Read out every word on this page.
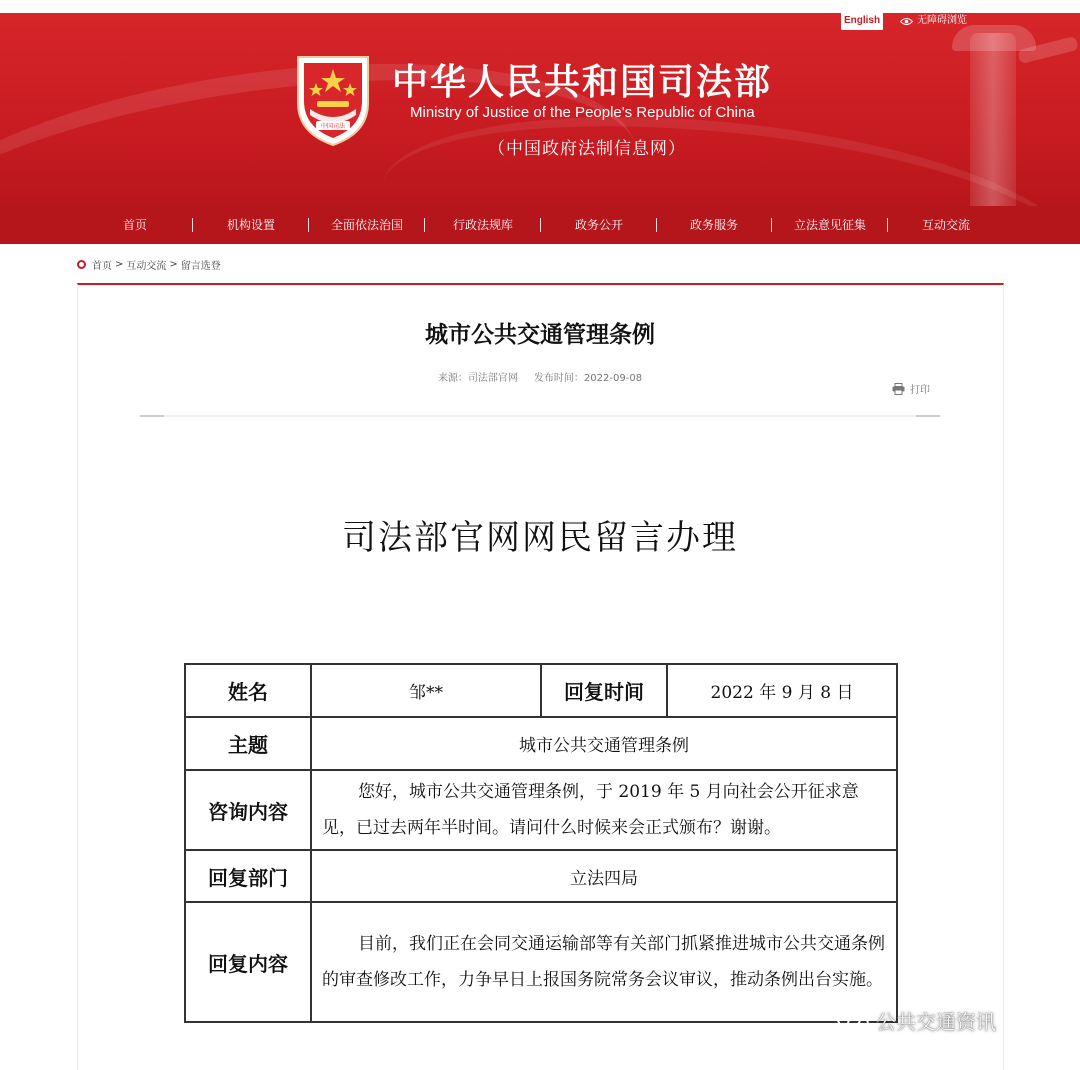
中国司法
中华人民共和国司法部
Ministry of Justice of the People's Republic of China
（中国政府法制信息网）
English	无障碍浏览
首页	机构设置	全面依法治国	行政法规库	政务公开	政务服务	立法意见征集	互动交流
首页 > 互动交流 > 留言选登
城市公共交通管理条例
来源：司法部官网 发布时间：2022-09-08
打印
司法部官网网民留言办理
姓名	邹**	回复时间	2022 年 9 月 8 日
主题	城市公共交通管理条例		
咨询内容	您好，城市公共交通管理条例，于 2019 年 5 月向社会公开征求意见，已过去两年半时间。请问什么时候来会正式颁布？谢谢。		
回复部门	立法四局		
回复内容	目前，我们正在会同交通运输部等有关部门抓紧推进城市公共交通条例的审查修改工作，力争早日上报国务院常务会议审议，推动条例出台实施。		
公共交通资讯
